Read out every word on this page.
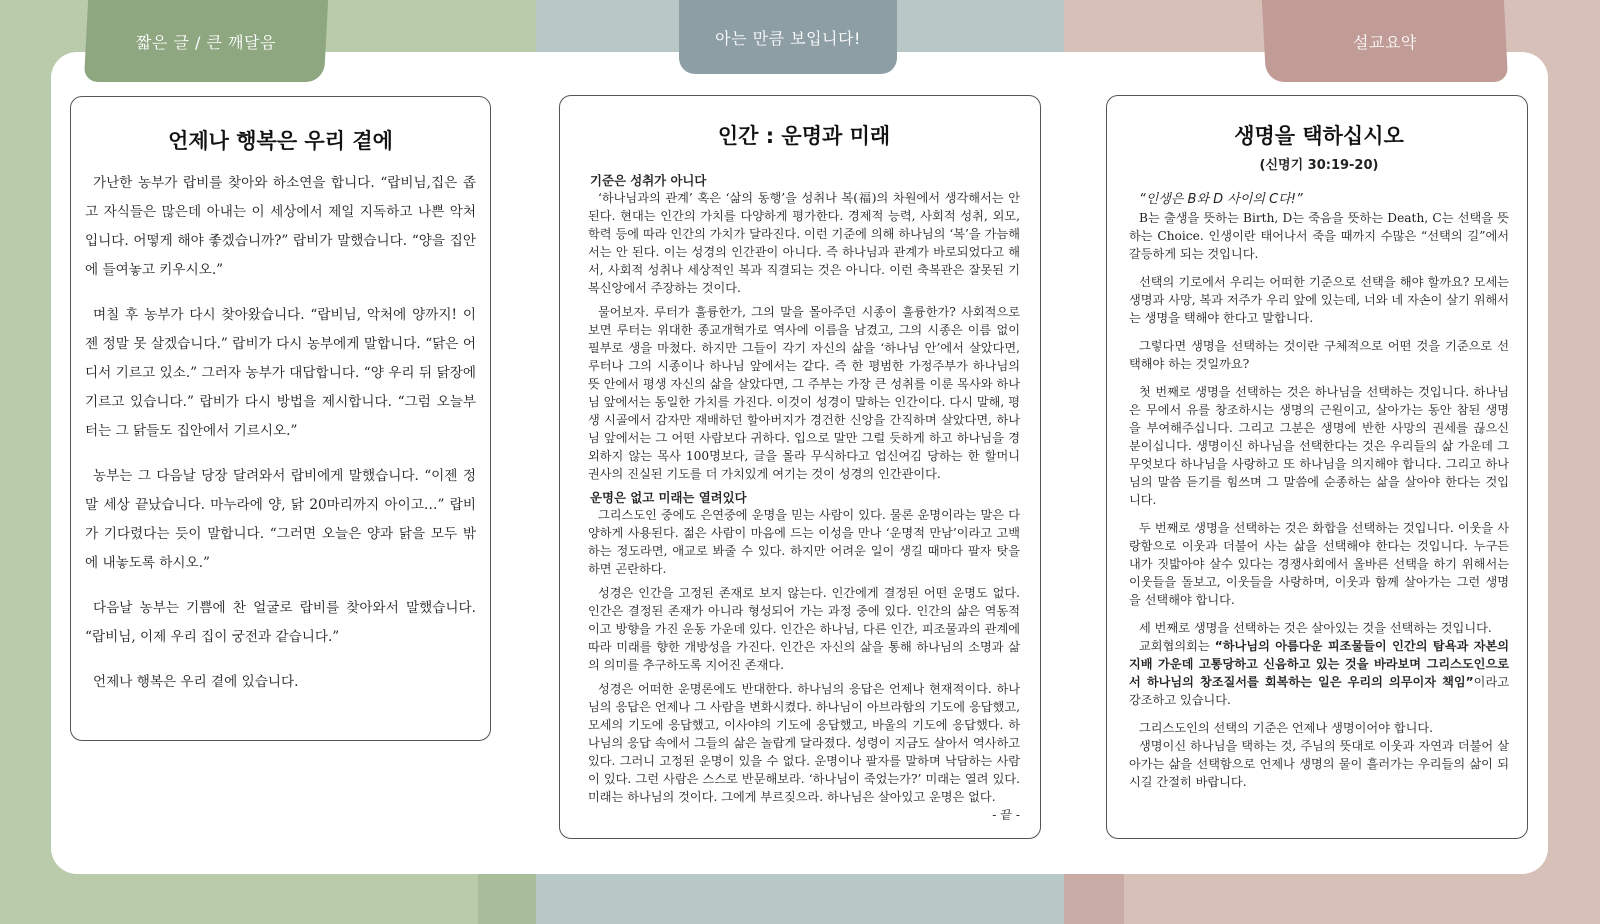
짧은 글 / 큰 깨달음	아는 만큼 보입니다!	설교요약
언제나 행복은 우리 곁에

가난한 농부가 랍비를 찾아와 하소연을 합니다. “랍비님,집은 좁고 자식들은 많은데 아내는 이 세상에서 제일 지독하고 나쁜 악처입니다. 어떻게 해야 좋겠습니까?” 랍비가 말했습니다. “양을 집안에 들여놓고 키우시오.”

며칠 후 농부가 다시 찾아왔습니다. “랍비님, 악처에 양까지! 이젠 정말 못 살겠습니다.” 랍비가 다시 농부에게 말합니다. “닭은 어디서 기르고 있소.” 그러자 농부가 대답합니다. “양 우리 뒤 닭장에 기르고 있습니다.” 랍비가 다시 방법을 제시합니다. “그럼 오늘부터는 그 닭들도 집안에서 기르시오.”

농부는 그 다음날 당장 달려와서 랍비에게 말했습니다. “이젠 정말 세상 끝났습니다. 마누라에 양, 닭 20마리까지 아이고…” 랍비가 기다렸다는 듯이 말합니다. “그러면 오늘은 양과 닭을 모두 밖에 내놓도록 하시오.”

다음날 농부는 기쁨에 찬 얼굴로 랍비를 찾아와서 말했습니다. “랍비님, 이제 우리 집이 궁전과 같습니다.”

언제나 행복은 우리 곁에 있습니다.

인간 : 운명과 미래
기준은 성취가 아니다

‘하나님과의 관계’ 혹은 ‘삶의 동행’을 성취나 복(福)의 차원에서 생각해서는 안 된다. 현대는 인간의 가치를 다양하게 평가한다. 경제적 능력, 사회적 성취, 외모, 학력 등에 따라 인간의 가치가 달라진다. 이런 기준에 의해 하나님의 ‘복’을 가늠해서는 안 된다. 이는 성경의 인간관이 아니다. 즉 하나님과 관계가 바로되었다고 해서, 사회적 성취나 세상적인 복과 직결되는 것은 아니다. 이런 축복관은 잘못된 기복신앙에서 주장하는 것이다.

물어보자. 루터가 훌륭한가, 그의 말을 몰아주던 시종이 훌륭한가? 사회적으로 보면 루터는 위대한 종교개혁가로 역사에 이름을 남겼고, 그의 시종은 이름 없이 필부로 생을 마쳤다. 하지만 그들이 각기 자신의 삶을 ‘하나님 안’에서 살았다면, 루터나 그의 시종이나 하나님 앞에서는 같다. 즉 한 평범한 가정주부가 하나님의 뜻 안에서 평생 자신의 삶을 살았다면, 그 주부는 가장 큰 성취를 이룬 목사와 하나님 앞에서는 동일한 가치를 가진다. 이것이 성경이 말하는 인간이다. 다시 말해, 평생 시골에서 감자만 재배하던 할아버지가 경건한 신앙을 간직하며 살았다면, 하나님 앞에서는 그 어떤 사람보다 귀하다. 입으로 말만 그럴 듯하게 하고 하나님을 경외하지 않는 목사 100명보다, 글을 몰라 무식하다고 업신여김 당하는 한 할머니 권사의 진실된 기도를 더 가치있게 여기는 것이 성경의 인간관이다.

운명은 없고 미래는 열려있다

그리스도인 중에도 은연중에 운명을 믿는 사람이 있다. 물론 운명이라는 말은 다양하게 사용된다. 젊은 사람이 마음에 드는 이성을 만나 ‘운명적 만남’이라고 고백하는 정도라면, 애교로 봐줄 수 있다. 하지만 어려운 일이 생길 때마다 팔자 탓을 하면 곤란하다.

성경은 인간을 고정된 존재로 보지 않는다. 인간에게 결정된 어떤 운명도 없다. 인간은 결정된 존재가 아니라 형성되어 가는 과정 중에 있다. 인간의 삶은 역동적이고 방향을 가진 운동 가운데 있다. 인간은 하나님, 다른 인간, 피조물과의 관계에 따라 미래를 향한 개방성을 가진다. 인간은 자신의 삶을 통해 하나님의 소명과 삶의 의미를 추구하도록 지어진 존재다.

성경은 어떠한 운명론에도 반대한다. 하나님의 응답은 언제나 현재적이다. 하나님의 응답은 언제나 그 사람을 변화시켰다. 하나님이 아브라함의 기도에 응답했고, 모세의 기도에 응답했고, 이사야의 기도에 응답했고, 바울의 기도에 응답했다. 하나님의 응답 속에서 그들의 삶은 놀랍게 달라졌다. 성령이 지금도 살아서 역사하고 있다. 그러니 고정된 운명이 있을 수 없다. 운명이나 팔자를 말하며 낙담하는 사람이 있다. 그런 사람은 스스로 반문해보라. ‘하나님이 죽었는가?’ 미래는 열려 있다. 미래는 하나님의 것이다. 그에게 부르짖으라. 하나님은 살아있고 운명은 없다.
- 끝 -

생명을 택하십시오
(신명기 30:19-20)
“인생은 B와 D 사이의 C다!”

B는 출생을 뜻하는 Birth, D는 죽음을 뜻하는 Death, C는 선택을 뜻하는 Choice. 인생이란 태어나서 죽을 때까지 수많은 “선택의 길”에서 갈등하게 되는 것입니다.

선택의 기로에서 우리는 어떠한 기준으로 선택을 해야 할까요? 모세는 생명과 사망, 복과 저주가 우리 앞에 있는데, 너와 네 자손이 살기 위해서는 생명을 택해야 한다고 말합니다.

그렇다면 생명을 선택하는 것이란 구체적으로 어떤 것을 기준으로 선택해야 하는 것일까요?

첫 번째로 생명을 선택하는 것은 하나님을 선택하는 것입니다. 하나님은 무에서 유를 창조하시는 생명의 근원이고, 살아가는 동안 참된 생명을 부여해주십니다. 그리고 그분은 생명에 반한 사망의 권세를 끊으신 분이십니다. 생명이신 하나님을 선택한다는 것은 우리들의 삶 가운데 그 무엇보다 하나님을 사랑하고 또 하나님을 의지해야 합니다. 그리고 하나님의 말씀 듣기를 힘쓰며 그 말씀에 순종하는 삶을 살아야 한다는 것입니다.

두 번째로 생명을 선택하는 것은 화합을 선택하는 것입니다. 이웃을 사랑함으로 이웃과 더불어 사는 삶을 선택해야 한다는 것입니다. 누구든 내가 짓밟아야 살수 있다는 경쟁사회에서 올바른 선택을 하기 위해서는 이웃들을 돌보고, 이웃들을 사랑하며, 이웃과 함께 살아가는 그런 생명을 선택해야 합니다.

세 번째로 생명을 선택하는 것은 살아있는 것을 선택하는 것입니다.

교회협의회는 “하나님의 아름다운 피조물들이 인간의 탐욕과 자본의 지배 가운데 고통당하고 신음하고 있는 것을 바라보며 그리스도인으로서 하나님의 창조질서를 회복하는 일은 우리의 의무이자 책임”이라고 강조하고 있습니다.

그리스도인의 선택의 기준은 언제나 생명이어야 합니다.

생명이신 하나님을 택하는 것, 주님의 뜻대로 이웃과 자연과 더불어 살아가는 삶을 선택함으로 언제나 생명의 물이 흘러가는 우리들의 삶이 되시길 간절히 바랍니다.
